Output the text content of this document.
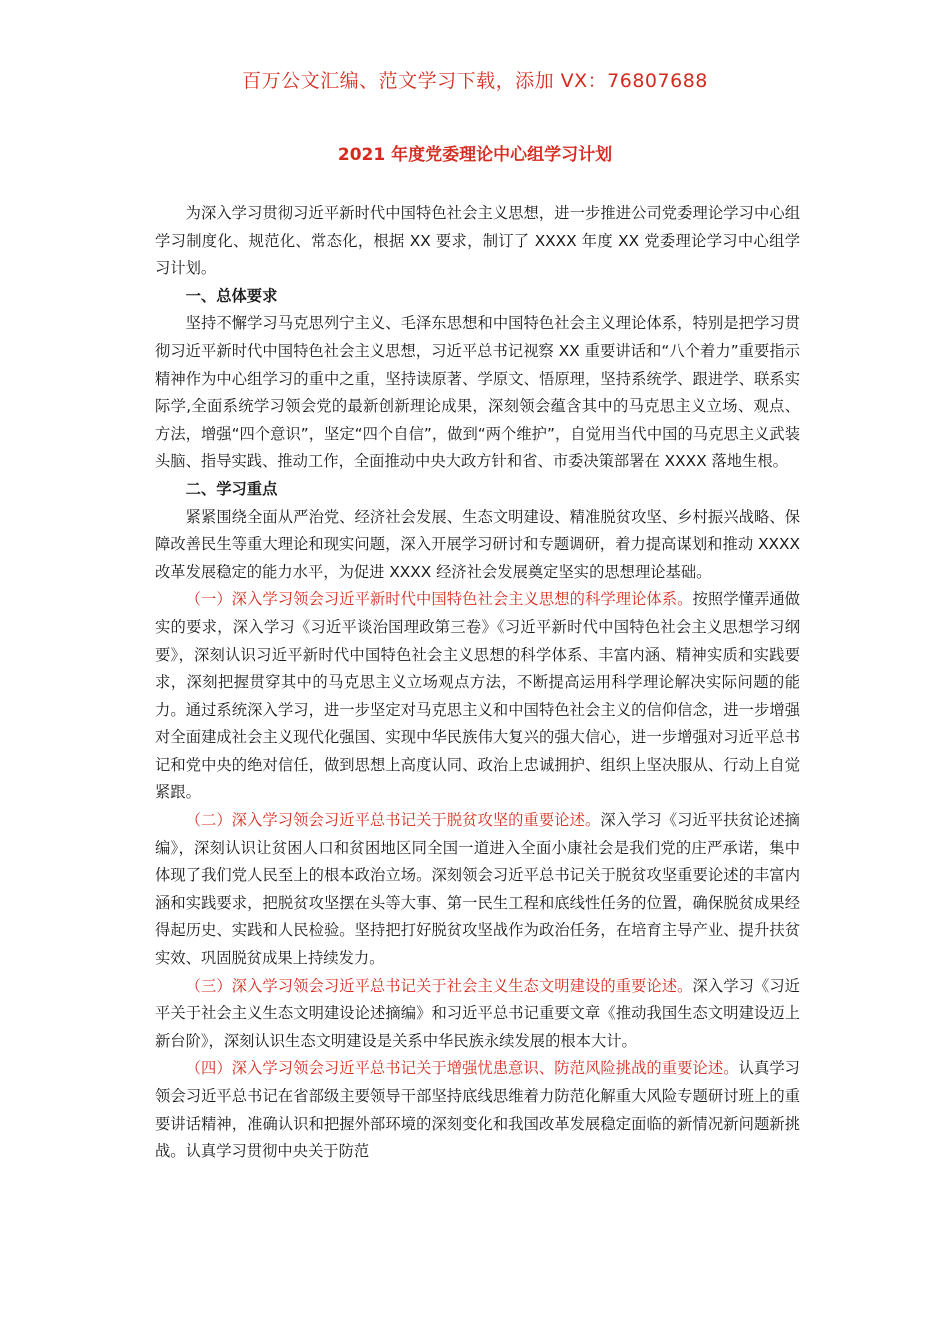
百万公文汇编、范文学习下载，添加 VX：76807688
2021 年度党委理论中心组学习计划

为深入学习贯彻习近平新时代中国特色社会主义思想，进一步推进公司党委理论学习中心组学习制度化、规范化、常态化，根据 XX 要求，制订了 XXXX 年度 XX 党委理论学习中心组学习计划。

一、总体要求

坚持不懈学习马克思列宁主义、毛泽东思想和中国特色社会主义理论体系，特别是把学习贯彻习近平新时代中国特色社会主义思想，习近平总书记视察 XX 重要讲话和“八个着力”重要指示精神作为中心组学习的重中之重，坚持读原著、学原文、悟原理，坚持系统学、跟进学、联系实际学,全面系统学习领会党的最新创新理论成果，深刻领会蕴含其中的马克思主义立场、观点、方法，增强“四个意识”，坚定“四个自信”，做到“两个维护”，自觉用当代中国的马克思主义武装头脑、指导实践、推动工作，全面推动中央大政方针和省、市委决策部署在 XXXX 落地生根。

二、学习重点

紧紧围绕全面从严治党、经济社会发展、生态文明建设、精准脱贫攻坚、乡村振兴战略、保障改善民生等重大理论和现实问题，深入开展学习研讨和专题调研，着力提高谋划和推动 XXXX 改革发展稳定的能力水平，为促进 XXXX 经济社会发展奠定坚实的思想理论基础。

（一）深入学习领会习近平新时代中国特色社会主义思想的科学理论体系。按照学懂弄通做实的要求，深入学习《习近平谈治国理政第三卷》《习近平新时代中国特色社会主义思想学习纲要》，深刻认识习近平新时代中国特色社会主义思想的科学体系、丰富内涵、精神实质和实践要求，深刻把握贯穿其中的马克思主义立场观点方法，不断提高运用科学理论解决实际问题的能力。通过系统深入学习，进一步坚定对马克思主义和中国特色社会主义的信仰信念，进一步增强对全面建成社会主义现代化强国、实现中华民族伟大复兴的强大信心，进一步增强对习近平总书记和党中央的绝对信任，做到思想上高度认同、政治上忠诚拥护、组织上坚决服从、行动上自觉紧跟。

（二）深入学习领会习近平总书记关于脱贫攻坚的重要论述。深入学习《习近平扶贫论述摘编》，深刻认识让贫困人口和贫困地区同全国一道进入全面小康社会是我们党的庄严承诺，集中体现了我们党人民至上的根本政治立场。深刻领会习近平总书记关于脱贫攻坚重要论述的丰富内涵和实践要求，把脱贫攻坚摆在头等大事、第一民生工程和底线性任务的位置，确保脱贫成果经得起历史、实践和人民检验。坚持把打好脱贫攻坚战作为政治任务，在培育主导产业、提升扶贫实效、巩固脱贫成果上持续发力。

（三）深入学习领会习近平总书记关于社会主义生态文明建设的重要论述。深入学习《习近平关于社会主义生态文明建设论述摘编》和习近平总书记重要文章《推动我国生态文明建设迈上新台阶》，深刻认识生态文明建设是关系中华民族永续发展的根本大计。

（四）深入学习领会习近平总书记关于增强忧患意识、防范风险挑战的重要论述。认真学习领会习近平总书记在省部级主要领导干部坚持底线思维着力防范化解重大风险专题研讨班上的重要讲话精神，准确认识和把握外部环境的深刻变化和我国改革发展稳定面临的新情况新问题新挑战。认真学习贯彻中央关于防范
